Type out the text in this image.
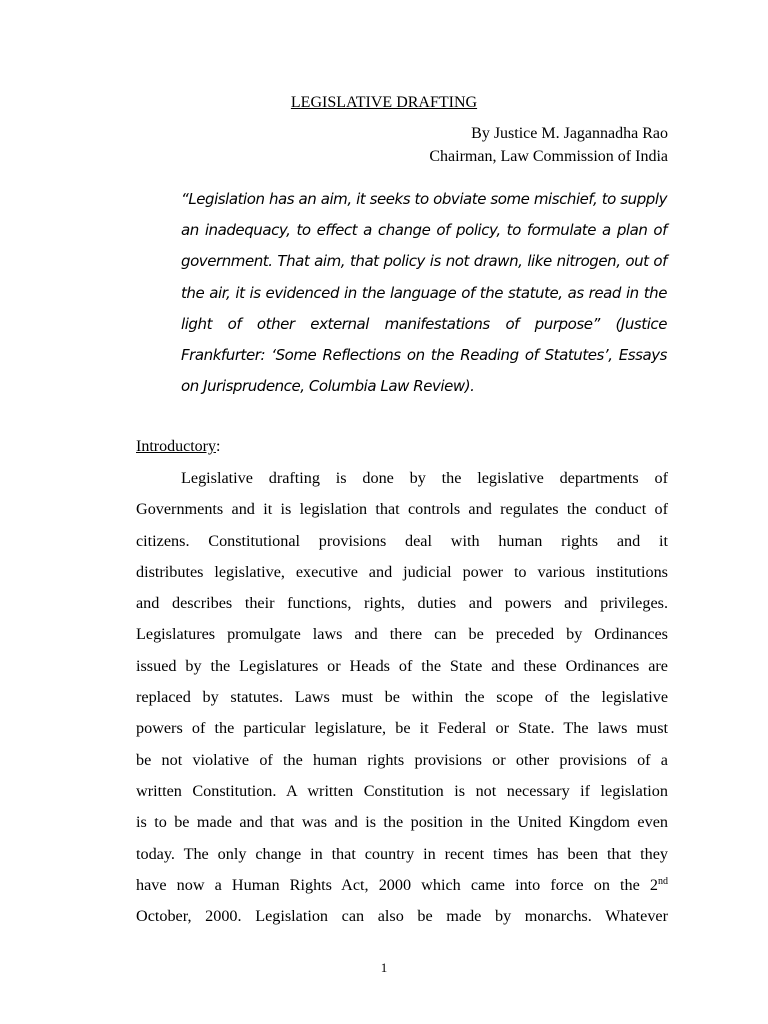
LEGISLATIVE DRAFTING

By Justice M. Jagannadha Rao

Chairman, Law Commission of India

“Legislation has an aim, it seeks to obviate some mischief, to supply an inadequacy, to effect a change of policy, to formulate a plan of government. That aim, that policy is not drawn, like nitrogen, out of the air, it is evidenced in the language of the statute, as read in the light of other external manifestations of purpose” (Justice Frankfurter: ‘Some Reflections on the Reading of Statutes’, Essays on Jurisprudence, Columbia Law Review).

Introductory:

Legislative drafting is done by the legislative departments of
Governments and it is legislation that controls and regulates the conduct of
citizens. Constitutional provisions deal with human rights and it
distributes legislative, executive and judicial power to various institutions
and describes their functions, rights, duties and powers and privileges.
Legislatures promulgate laws and there can be preceded by Ordinances
issued by the Legislatures or Heads of the State and these Ordinances are
replaced by statutes. Laws must be within the scope of the legislative
powers of the particular legislature, be it Federal or State. The laws must
be not violative of the human rights provisions or other provisions of a
written Constitution. A written Constitution is not necessary if legislation
is to be made and that was and is the position in the United Kingdom even
today. The only change in that country in recent times has been that they
have now a Human Rights Act, 2000 which came into force on the 2nd
October, 2000. Legislation can also be made by monarchs. Whatever

1
